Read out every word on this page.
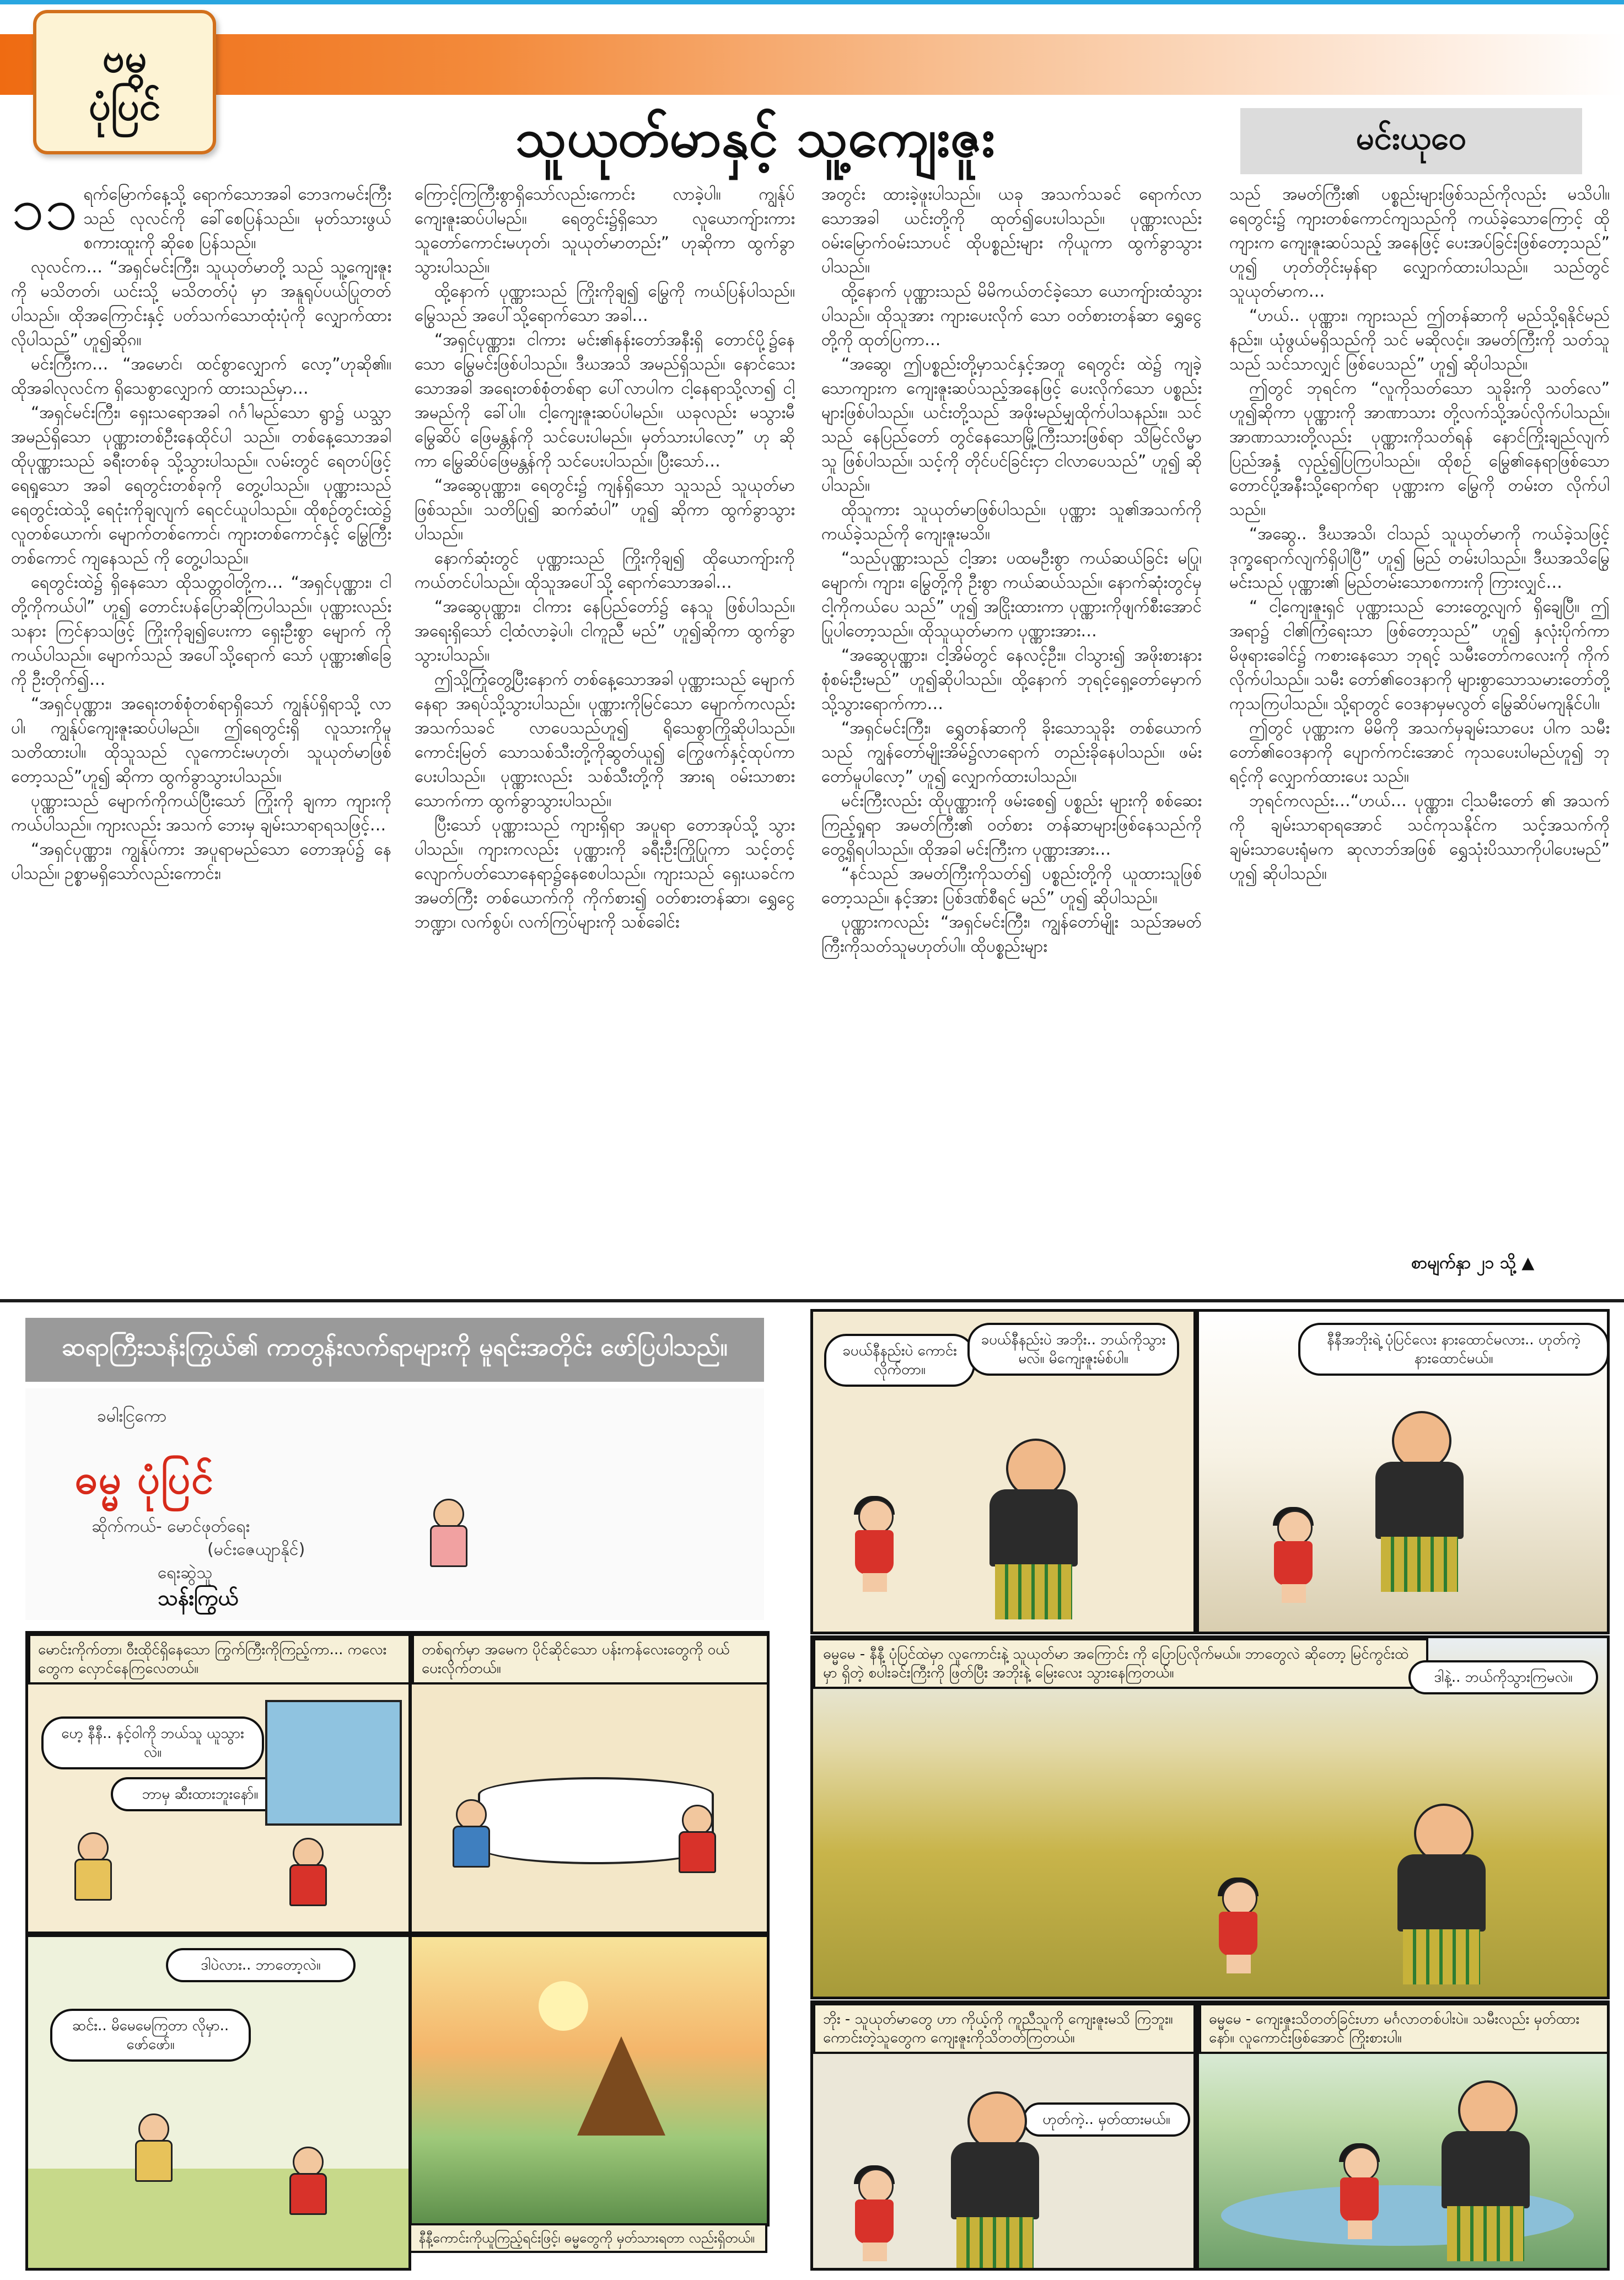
ဗမွ
ပုံပြင်
သူယုတ်မာနှင့် သူ့ကျေးဇူး	မင်းယုဝေ

၁၁ ရက်မြောက်နေ့သို့ ရောက်သောအခါ ဘေဒကမင်းကြီးသည် လုလင်ကို ခေါ်စေပြန်သည်။ မုတ်သားဖွယ်စကားထူးကို ဆိုစေ ပြန်သည်။

လုလင်က… “အရှင်မင်းကြီး၊ သူယုတ်မာတို့ သည် သူ့ကျေးဇူးကို မသိတတ်၊ ယင်းသို့ မသိတတ်ပုံ မှာ အနူရုပ်ပယ်ပြုတတ်ပါသည်။ ထိုအကြောင်းနှင့် ပတ်သက်သောထုံးပုံကို လျှောက်ထားလိုပါသည်” ဟူ၍ဆိုၵ။

မင်းကြီးက… “အမောင်၊ ထင်စွာလျှောက် လော့”ဟုဆို၏။ ထိုအခါလုလင်က ရှိသေစွာလျှောက် ထားသည်မှာ…

“အရှင်မင်းကြီး၊ ရှေးသရောအခါ ဂင်္ဂါမည်သော ရွာ၌ ယသ္သာအမည်ရှိသော ပုဏ္ဏားတစ်ဦးနေထိုင်ပါ သည်။ တစ်နေ့သောအခါ ထိုပုဏ္ဏားသည် ခရီးတစ်ခု သို့သွားပါသည်။ လမ်းတွင် ရေတပ်ဖြင့် ရေရှုသော အခါ ရေတွင်းတစ်ခုကို တွေ့ပါသည်။ ပုဏ္ဏားသည် ရေတွင်းထဲသို့ ရေငုံးကိုချလျက် ရေငင်ယူပါသည်။ ထိုစဉ်တွင်းထဲ၌ လူတစ်ယောက်၊ မျောက်တစ်ကောင်၊ ကျားတစ်ကောင်နှင့် မြွေကြီးတစ်ကောင် ကျနေသည် ကို တွေ့ပါသည်။

ရေတွင်းထဲ၌ ရှိနေသော ထိုသတ္တဝါတို့က… “အရှင်ပုဏ္ဏား၊ ငါတို့ကိုကယ်ပါ” ဟူ၍ တောင်းပန်ပြောဆိုကြပါသည်။ ပုဏ္ဏားလည်း သနား ကြင်နာသဖြင့် ကြိုးကိုချ၍ပေးကာ ရှေးဦးစွာ မျောက် ကို ကယ်ပါသည်။ မျောက်သည် အပေါ်သို့ရောက် သော် ပုဏ္ဏား၏ခြေကို ဦးတိုက်၍…

“အရှင်ပုဏ္ဏား၊ အရေးတစ်စုံတစ်ရာရှိသော် ကျွန်ုပ်ရှိရာသို့ လာပါ၊ ကျွန်ုပ်ကျေးဇူးဆပ်ပါမည်။ ဤရေတွင်းရှိ လူသားကိုမူ သတိထားပါ။ ထိုသူသည် လူကောင်းမဟုတ်၊ သူယုတ်မာဖြစ်တော့သည်”ဟူ၍ ဆိုကာ ထွက်ခွာသွားပါသည်။

ပုဏ္ဏားသည် မျောက်ကိုကယ်ပြီးသော် ကြိုးကို ချကာ ကျားကိုကယ်ပါသည်။ ကျားလည်း အသက် ဘေးမှ ချမ်းသာရာရသဖြင့်…

“အရှင်ပုဏ္ဏား၊ ကျွန်ုပ်ကား အပူရာမည်သော တောအုပ်၌ နေပါသည်။ ဥစ္စာမရှိသော်လည်းကောင်း၊

ကြောင့်ကြကြီးစွာရှိသော်လည်းကောင်း လာခဲ့ပါ။ ကျွန်ုပ်ကျေးဇူးဆပ်ပါမည်။ ရေတွင်း၌ရှိသော လူယောကျ်ားကား သူတော်ကောင်းမဟုတ်၊ သူယုတ်မာတည်း” ဟုဆိုကာ ထွက်ခွာသွားပါသည်။

ထို့နောက် ပုဏ္ဏားသည် ကြိုးကိုချ၍ မြွေကို ကယ်ပြန်ပါသည်။ မြွေသည် အပေါ်သို့ရောက်သော အခါ…

“အရှင်ပုဏ္ဏား၊ ငါကား မင်း၏နန်းတော်အနီးရှိ တောင်ပို့၌နေသော မြွေမင်းဖြစ်ပါသည်။ ဒီဃအသိ အမည်ရှိသည်။ နောင်သေးသောအခါ အရေးတစ်စုံတစ်ရာ ပေါ်လာပါက ငါ့နေရာသို့လာ၍ ငါ့အမည်ကို ခေါ်ပါ။ ငါ့ကျေးဇူးဆပ်ပါမည်။ ယခုလည်း မသွားမီ မြွေဆိပ် ဖြေမန္တန်ကို သင်ပေးပါမည်။ မှတ်သားပါလော့” ဟု ဆိုကာ မြွေဆိပ်ဖြေမန္တန်ကို သင်ပေးပါသည်။ ပြီးသော်…

“အဆွေပုဏ္ဏား၊ ရေတွင်း၌ ကျန်ရှိသော သူသည် သူယုတ်မာဖြစ်သည်။ သတိပြု၍ ဆက်ဆံပါ” ဟူ၍ ဆိုကာ ထွက်ခွာသွားပါသည်။

နောက်ဆုံးတွင် ပုဏ္ဏားသည် ကြိုးကိုချ၍ ထိုယောကျ်ားကို ကယ်တင်ပါသည်။ ထိုသူအပေါ်သို့ ရောက်သောအခါ…

“အဆွေပုဏ္ဏား၊ ငါကား နေပြည်တော်၌ နေသူ ဖြစ်ပါသည်။ အရေးရှိသော် ငါ့ထံလာခဲ့ပါ၊ ငါကူညီ မည်” ဟူ၍ဆိုကာ ထွက်ခွာသွားပါသည်။

ဤသို့ကြုံတွေ့ပြီးနောက် တစ်နေ့သောအခါ ပုဏ္ဏားသည် မျောက်နေရာ အရပ်သို့သွားပါသည်။ ပုဏ္ဏားကိုမြင်သော မျောက်ကလည်း အသက်သခင် လာပေသည်ဟူ၍ ရိုသေစွာကြိုဆိုပါသည်။ ကောင်းမြတ် သောသစ်သီးတို့ကိုဆွတ်ယူ၍ ကြွေဖက်နှင့်ထုပ်ကာ ပေးပါသည်။ ပုဏ္ဏားလည်း သစ်သီးတို့ကို အားရ ဝမ်းသာစားသောက်ကာ ထွက်ခွာသွားပါသည်။

ပြီးသော် ပုဏ္ဏားသည် ကျားရှိရာ အပူရာ တောအုပ်သို့ သွားပါသည်။ ကျားကလည်း ပုဏ္ဏားကို ခရီးဦးကြိုပြုကာ သင့်တင့်လျောက်ပတ်သောနေရာ၌နေစေပါသည်။ ကျားသည် ရှေးယခင်က အမတ်ကြီး တစ်ယောက်ကို ကိုက်စား၍ ဝတ်စားတန်ဆာ၊ ရွှေငွေဘဏ္ဍာ၊ လက်စွပ်၊ လက်ကြပ်များကို သစ်ခေါင်း

အတွင်း ထားခဲ့ဖူးပါသည်။ ယခု အသက်သခင် ရောက်လာသောအခါ ယင်းတို့ကို ထုတ်၍ပေးပါသည်။ ပုဏ္ဏားလည်း ဝမ်းမြောက်ဝမ်းသာပင် ထိုပစ္စည်းများ ကိုယူကာ ထွက်ခွာသွားပါသည်။

ထို့နောက် ပုဏ္ဏားသည် မိမိကယ်တင်ခဲ့သော ယောကျ်ားထံသွားပါသည်။ ထိုသူအား ကျားပေးလိုက် သော ဝတ်စားတန်ဆာ ရွှေငွေတို့ကို ထုတ်ပြကာ…

“အဆွေ၊ ဤပစ္စည်းတို့မှာသင်နှင့်အတူ ရေတွင်း ထဲ၌ ကျခဲ့သောကျားက ကျေးဇူးဆပ်သည့်အနေဖြင့် ပေးလိုက်သော ပစ္စည်းများဖြစ်ပါသည်။ ယင်းတို့သည် အဖိုးမည်မျှထိုက်ပါသနည်း။ သင်သည် နေပြည်တော် တွင်နေသောမြို့ကြီးသားဖြစ်ရာ သိမြင်လိမ္မာသူ ဖြစ်ပါသည်။ သင့်ကို တိုင်ပင်ခြင်းငှာ ငါလာပေသည်” ဟူ၍ ဆိုပါသည်။

ထိုသူကား သူယုတ်မာဖြစ်ပါသည်။ ပုဏ္ဏား သူ၏အသက်ကို ကယ်ခဲ့သည်ကို ကျေးဇူးမသိ။

“သည်ပုဏ္ဏားသည် ငါ့အား ပထမဦးစွာ ကယ်ဆယ်ခြင်း မပြု၊ မျောက်၊ ကျား၊ မြွေတို့ကို ဦးစွာ ကယ်ဆယ်သည်။ နောက်ဆုံးတွင်မှ ငါ့ကိုကယ်ပေ သည်” ဟူ၍ အငြိုးထားကာ ပုဏ္ဏားကိုဖျက်စီးအောင် ပြုပါတော့သည်။ ထိုသူယုတ်မာက ပုဏ္ဏားအား…

“အဆွေပုဏ္ဏား၊ ငါ့အိမ်တွင် နေလင့်ဦး။ ငါသွား၍ အဖိုးစားနား စုံစမ်းဦးမည်” ဟူ၍ဆိုပါသည်။ ထို့နောက် ဘုရင့်ရှေ့တော်မှောက်သို့သွားရောက်ကာ…

“အရှင်မင်းကြီး၊ ရွှေတန်ဆာကို ခိုးသောသူခိုး တစ်ယောက်သည် ကျွန်တော်မျိုးအိမ်၌လာရောက် တည်းခိုနေပါသည်။ ဖမ်းတော်မူပါလော့” ဟူ၍ လျှောက်ထားပါသည်။

မင်းကြီးလည်း ထိုပုဏ္ဏားကို ဖမ်းစေ၍ ပစ္စည်း များကို စစ်ဆေးကြည့်ရှုရာ အမတ်ကြီး၏ ဝတ်စား တန်ဆာများဖြစ်နေသည်ကို တွေ့ရှိရပါသည်။ ထိုအခါ မင်းကြီးက ပုဏ္ဏားအား…

“နင်သည် အမတ်ကြီးကိုသတ်၍ ပစ္စည်းတို့ကို ယူထားသူဖြစ်တော့သည်။ နင့်အား ပြစ်ဒဏ်စီရင် မည်” ဟူ၍ ဆိုပါသည်။

ပုဏ္ဏားကလည်း “အရှင်မင်းကြီး၊ ကျွန်တော်မျိုး သည်အမတ်ကြီးကိုသတ်သူမဟုတ်ပါ။ ထိုပစ္စည်းများ

သည် အမတ်ကြီး၏ ပစ္စည်းများဖြစ်သည်ကိုလည်း မသိပါ။ ရေတွင်း၌ ကျားတစ်ကောင်ကျသည်ကို ကယ်ခဲ့သောကြောင့် ထိုကျားက ကျေးဇူးဆပ်သည့် အနေဖြင့် ပေးအပ်ခြင်းဖြစ်တော့သည်” ဟူ၍ ဟုတ်တိုင်းမှန်ရာ လျှောက်ထားပါသည်။ သည်တွင် သူယုတ်မာက…

“ဟယ်.. ပုဏ္ဏား၊ ကျားသည် ဤတန်ဆာကို မည်သို့ရနိုင်မည်နည်း။ ယုံဖွယ်မရှိသည်ကို သင် မဆိုလင့်။ အမတ်ကြီးကို သတ်သူသည် သင်သာလျှင် ဖြစ်ပေသည်” ဟူ၍ ဆိုပါသည်။

ဤတွင် ဘုရင်က “လူကိုသတ်သော သူခိုးကို သတ်လေ” ဟူ၍ဆိုကာ ပုဏ္ဏားကို အာဏာသား တို့လက်သို့အပ်လိုက်ပါသည်။ အာဏာသားတို့လည်း ပုဏ္ဏားကိုသတ်ရန် နောင်ကြိုးချည်လျက် ပြည်အနှံ့ လှည့်၍ပြကြပါသည်။ ထိုစဉ် မြွေ၏နေရာဖြစ်သော တောင်ပို့အနီးသို့ရောက်ရာ ပုဏ္ဏားက မြွေကို တမ်းတ လိုက်ပါသည်။

“အဆွေ.. ဒီဃအသိ၊ ငါသည် သူယုတ်မာကို ကယ်ခဲ့သဖြင့် ဒုက္ခရောက်လျက်ရှိပါပြီ” ဟူ၍ မြည် တမ်းပါသည်။ ဒီဃအသိမြွေမင်းသည် ပုဏ္ဏား၏ မြည်တမ်းသောစကားကို ကြားလျှင်…

“ ငါ့ကျေးဇူးရှင် ပုဏ္ဏားသည် ဘေးတွေ့လျက် ရှိချေပြီ။ ဤအရာ၌ ငါ၏ကြံရေးသာ ဖြစ်တော့သည်” ဟူ၍ နှလုံးပိုက်ကာ မိဖုရားခေါင်၌ ကစားနေသော ဘုရင့် သမီးတော်ကလေးကို ကိုက်လိုက်ပါသည်။ သမီး တော်၏ဝေဒနာကို များစွာသောသမားတော်တို့ ကုသကြပါသည်။ သို့ရာတွင် ဝေဒနာမှမလွတ် မြွေဆိပ်မကျနိုင်ပါ။

ဤတွင် ပုဏ္ဏားက မိမိကို အသက်မှချမ်းသာပေး ပါက သမီးတော်၏ဝေဒနာကို ပျောက်ကင်းအောင် ကုသပေးပါမည်ဟူ၍ ဘုရင့်ကို လျှောက်ထားပေး သည်။

ဘုရင်ကလည်း…“ဟယ်… ပုဏ္ဏား၊ ငါ့သမီးတော် ၏ အသက်ကို ချမ်းသာရာရအောင် သင်ကုသနိုင်က သင့်အသက်ကို ချမ်းသာပေးရုံမက ဆုလာဘ်အဖြစ် ရွှေသုံးပိဿာကိုပါပေးမည်” ဟူ၍ ဆိုပါသည်။

စာမျက်နှာ ၂၁ သို့ ▲
ဆရာကြီးသန်းကြွယ်၏ ကာတွန်းလက်ရာများကို မူရင်းအတိုင်း ဖော်ပြပါသည်။
ခမါးငြကော
ဓမ္မ ပုံပြင်
ဆိုက်ကယ်- မောင်ဖုတ်ရေး
(မင်းဇေယျာနိုင်)
ရေးဆွဲသူ
သန်းကြွယ်
မောင်းကိုက်တာ၊ ဝီးထိုင်ရှိနေသော ကြွက်ကြီးကိုကြည့်ကာ... ကလေးတွေက လှောင်နေကြလေတယ်။
ဟေ့ နီနီ.. နင့်ဝါကို ဘယ်သူ ယူသွားလဲ။
ဘာမှ ဆီးထားဘူးနော်။
တစ်ရက်မှာ အမေက ပိုင်ဆိုင်သော ပန်းကန်လေးတွေကို ဝယ်ပေးလိုက်တယ်။
ဒါပဲလား.. ဘာတော့လဲ။
ဆင်း.. မိမေမေကြတာ လိုမှာ.. ဖော်ဖော်။
နီနီ့ကောင်းကိုယူကြည့်ရင်းဖြင့်၊ ဓမ္မတွေကို မှတ်သားရတာ လည်းရှိတယ်။
ခပယ်နီနည်းပဲ ကောင်းလိုက်တာ။
ခပယ်နီနည်းပဲ အဘိုး.. ဘယ်ကိုသွားမလဲ။ မိကျေးဇူးမ်စ်ပါ။
နီနီအဘိုးရဲ့ ပုံပြင်လေး နားထောင်မလား.. ဟုတ်ကဲ့ နားထောင်မယ်။
ဓမ္မမေ - နီနီ့ ပုံပြင်ထဲမှာ လူကောင်းနဲ့ သူယုတ်မာ အကြောင်း ကို ပြောပြလိုက်မယ်။ ဘာတွေလဲ ဆိုတော့ မြင်ကွင်းထဲမှာ ရှိတဲ့ စပါးခင်းကြီးကို ဖြတ်ပြီး အဘိုးနဲ့ မြေးလေး သွားနေကြတယ်။	ဒါနဲ့.. ဘယ်ကိုသွားကြမလဲ။
ဘိုး - သူယုတ်မာတွေ ဟာ ကိုယ့်ကို ကူညီသူကို ကျေးဇူးမသိ ကြဘူး။ ကောင်းတဲ့သူတွေက ကျေးဇူးကိုသိတတ်ကြတယ်။
ဟုတ်ကဲ့.. မှတ်ထားမယ်။
ဓမ္မမေ - ကျေးဇူးသိတတ်ခြင်းဟာ မင်္ဂလာတစ်ပါးပဲ။ သမီးလည်း မှတ်ထားနော်။ လူကောင်းဖြစ်အောင် ကြိုးစားပါ။
